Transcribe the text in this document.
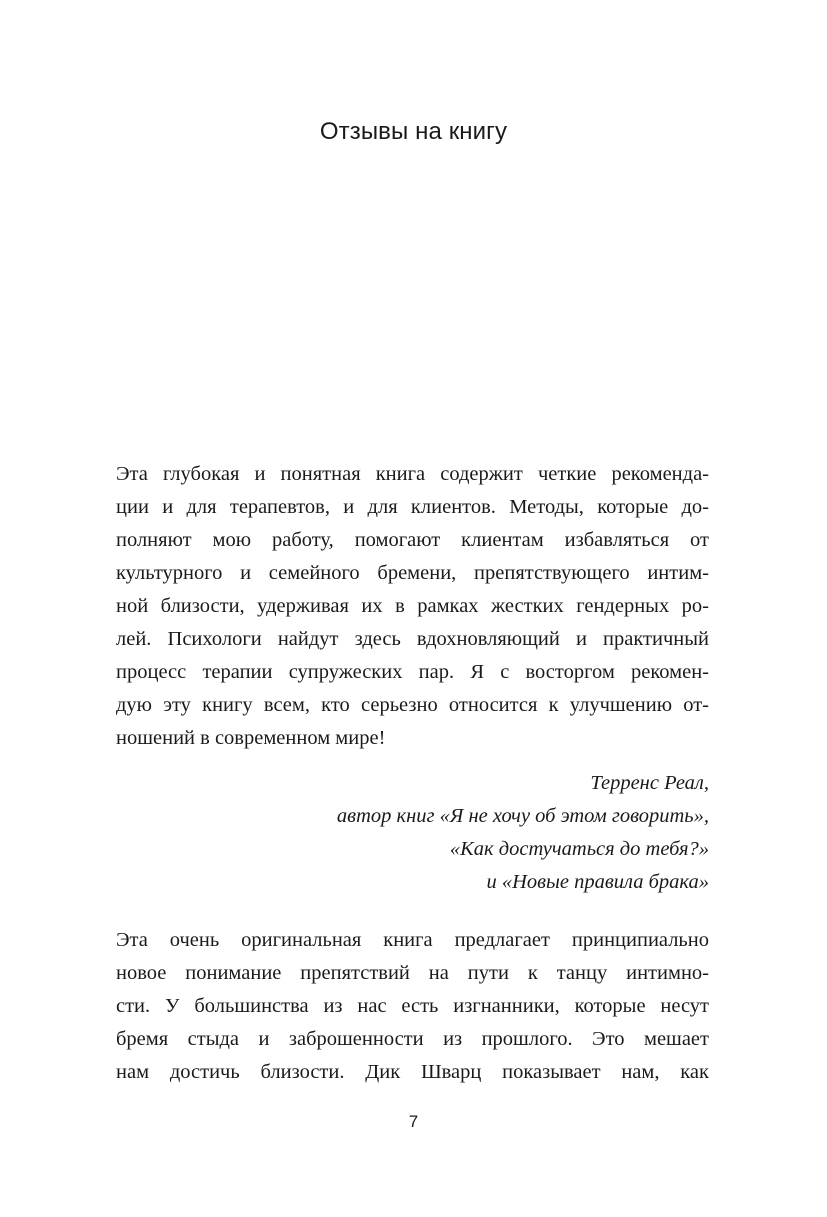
Отзывы на книгу
Эта глубокая и понятная книга содержит четкие рекоменда-
ции и для терапевтов, и для клиентов. Методы, которые до-
полняют мою работу, помогают клиентам избавляться от
культурного и семейного бремени, препятствующего интим-
ной близости, удерживая их в рамках жестких гендерных ро-
лей. Психологи найдут здесь вдохновляющий и практичный
процесс терапии супружеских пар. Я с восторгом рекомен-
дую эту книгу всем, кто серьезно относится к улучшению от-
ношений в современном мире!
Терренс Реал,
автор книг «Я не хочу об этом говорить»,
«Как достучаться до тебя?»
и «Новые правила брака»
Эта очень оригинальная книга предлагает принципиально
новое понимание препятствий на пути к танцу интимно-
сти. У большинства из нас есть изгнанники, которые несут
бремя стыда и заброшенности из прошлого. Это мешает
нам достичь близости. Дик Шварц показывает нам, как
7
